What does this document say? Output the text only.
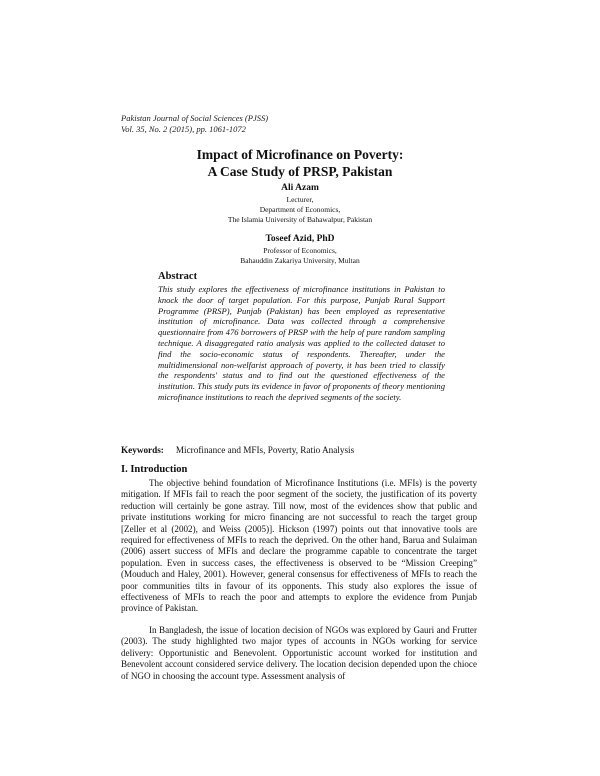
Pakistan Journal of Social Sciences (PJSS)
Vol. 35, No. 2 (2015), pp. 1061-1072
Impact of Microfinance on Poverty:
A Case Study of PRSP, Pakistan
Ali Azam
Lecturer,
Department of Economics,
The Islamia University of Bahawalpur, Pakistan
Toseef Azid, PhD
Professor of Economics,
Bahauddin Zakariya University, Multan
Abstract
This study explores the effectiveness of microfinance institutions in Pakistan to knock the door of target population. For this purpose, Punjab Rural Support Programme (PRSP), Punjab (Pakistan) has been employed as representative institution of microfinance. Data was collected through a comprehensive questionnaire from 476 borrowers of PRSP with the help of pure random sampling technique. A disaggregated ratio analysis was applied to the collected dataset to find the socio-economic status of respondents. Thereafter, under the multidimensional non-welfarist approach of poverty, it has been tried to classify the respondents' status and to find out the questioned effectiveness of the institution. This study puts its evidence in favor of proponents of theory mentioning microfinance institutions to reach the deprived segments of the society.
Keywords: Microfinance and MFIs, Poverty, Ratio Analysis
I. Introduction
The objective behind foundation of Microfinance Institutions (i.e. MFIs) is the poverty mitigation. If MFIs fail to reach the poor segment of the society, the justification of its poverty reduction will certainly be gone astray. Till now, most of the evidences show that public and private institutions working for micro financing are not successful to reach the target group [Zeller et al (2002), and Weiss (2005)]. Hickson (1997) points out that innovative tools are required for effectiveness of MFIs to reach the deprived. On the other hand, Barua and Sulaiman (2006) assert success of MFIs and declare the programme capable to concentrate the target population. Even in success cases, the effectiveness is observed to be “Mission Creeping” (Mouduch and Haley, 2001). However, general consensus for effectiveness of MFIs to reach the poor communities tilts in favour of its opponents. This study also explores the issue of effectiveness of MFIs to reach the poor and attempts to explore the evidence from Punjab province of Pakistan.
In Bangladesh, the issue of location decision of NGOs was explored by Gauri and Frutter (2003). The study highlighted two major types of accounts in NGOs working for service delivery: Opportunistic and Benevolent. Opportunistic account worked for institution and Benevolent account considered service delivery. The location decision depended upon the chioce of NGO in choosing the account type. Assessment analysis of
